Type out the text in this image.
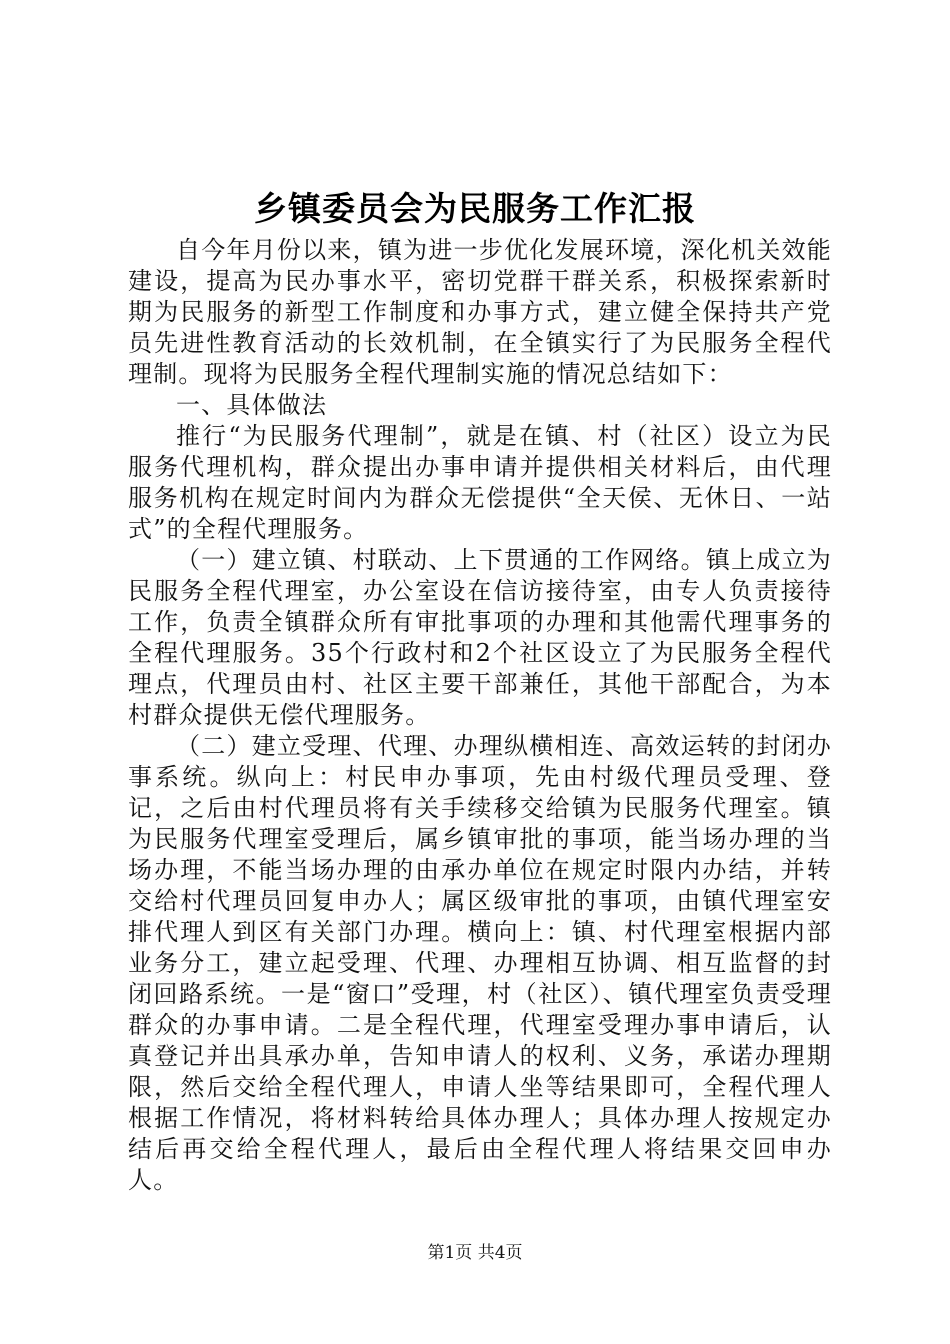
乡镇委员会为民服务工作汇报

自今年月份以来，镇为进一步优化发展环境，深化机关效能建设，提高为民办事水平，密切党群干群关系，积极探索新时期为民服务的新型工作制度和办事方式，建立健全保持共产党员先进性教育活动的长效机制，在全镇实行了为民服务全程代理制。现将为民服务全程代理制实施的情况总结如下：

一、具体做法

推行“为民服务代理制”，就是在镇、村（社区）设立为民服务代理机构，群众提出办事申请并提供相关材料后，由代理服务机构在规定时间内为群众无偿提供“全天侯、无休日、一站式”的全程代理服务。

（一）建立镇、村联动、上下贯通的工作网络。镇上成立为民服务全程代理室，办公室设在信访接待室，由专人负责接待工作，负责全镇群众所有审批事项的办理和其他需代理事务的全程代理服务。35个行政村和2个社区设立了为民服务全程代理点，代理员由村、社区主要干部兼任，其他干部配合，为本村群众提供无偿代理服务。

（二）建立受理、代理、办理纵横相连、高效运转的封闭办事系统。纵向上：村民申办事项，先由村级代理员受理、登记，之后由村代理员将有关手续移交给镇为民服务代理室。镇为民服务代理室受理后，属乡镇审批的事项，能当场办理的当场办理，不能当场办理的由承办单位在规定时限内办结，并转交给村代理员回复申办人；属区级审批的事项，由镇代理室安排代理人到区有关部门办理。横向上：镇、村代理室根据内部业务分工，建立起受理、代理、办理相互协调、相互监督的封闭回路系统。一是“窗口”受理，村（社区）、镇代理室负责受理群众的办事申请。二是全程代理，代理室受理办事申请后，认真登记并出具承办单，告知申请人的权利、义务，承诺办理期限，然后交给全程代理人，申请人坐等结果即可，全程代理人根据工作情况，将材料转给具体办理人；具体办理人按规定办结后再交给全程代理人，最后由全程代理人将结果交回申办人。

第1页 共4页
